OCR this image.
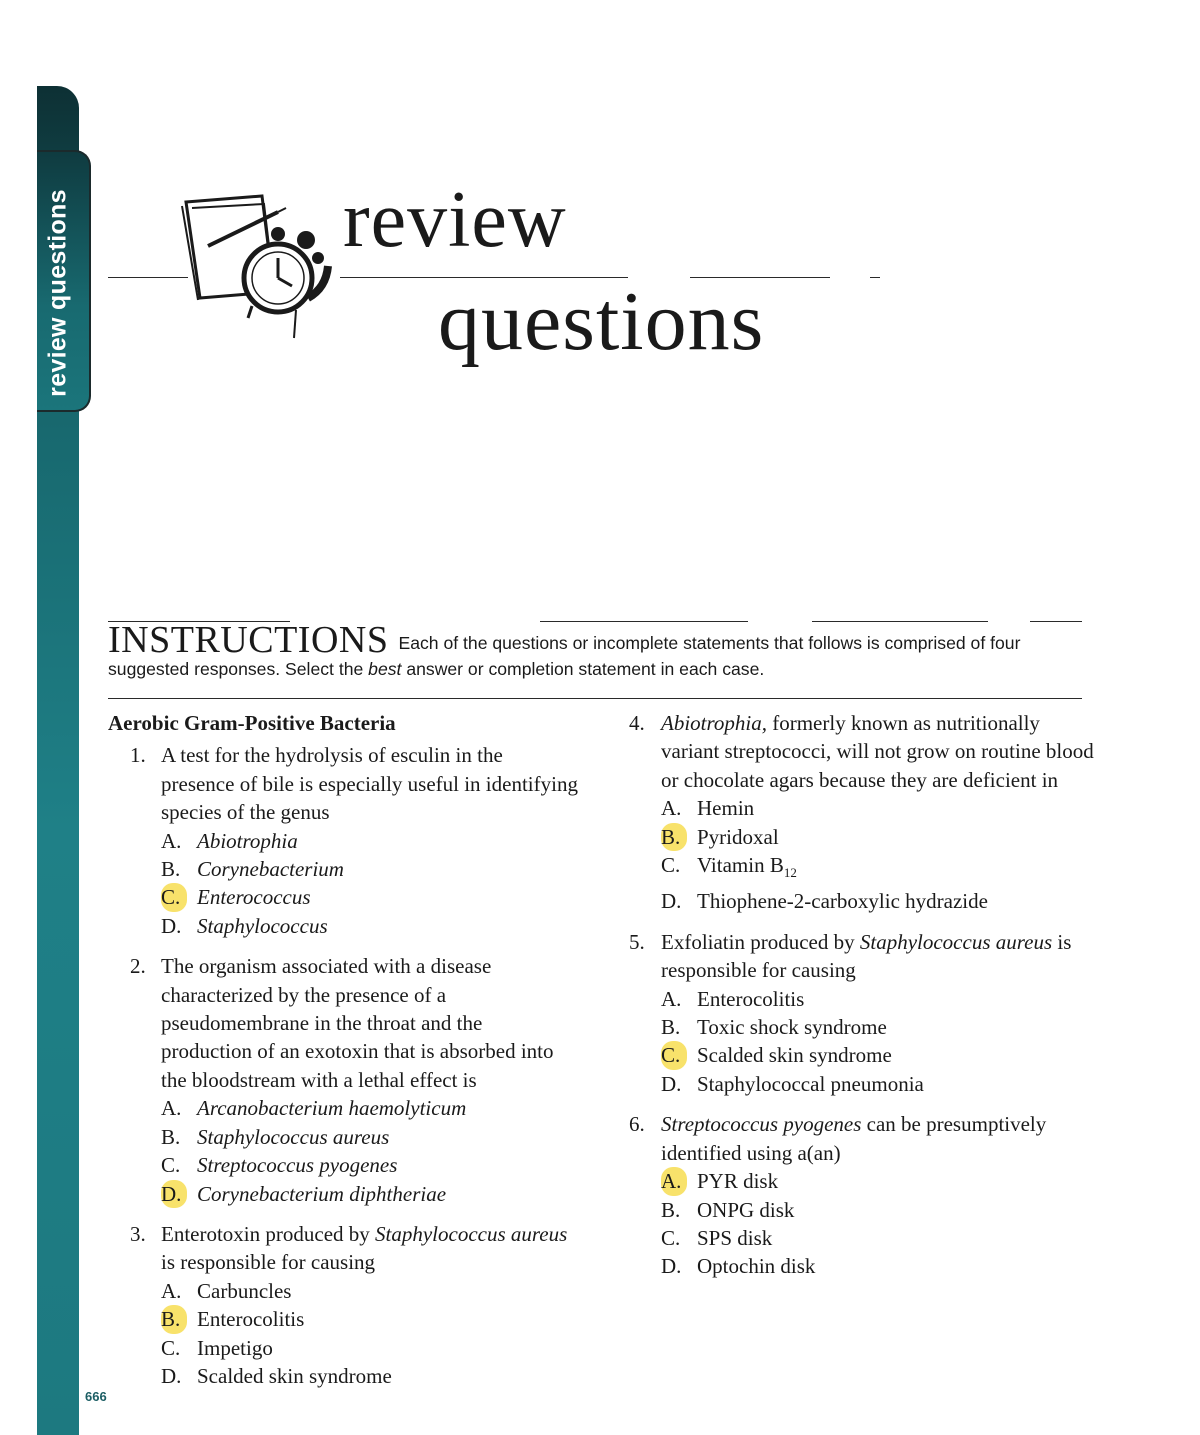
review questions
666
review
questions
INSTRUCTIONS Each of the questions or incomplete statements that follows is comprised of four suggested responses. Select the best answer or completion statement in each case.
Aerobic Gram-Positive Bacteria
1. A test for the hydrolysis of esculin in the presence of bile is especially useful in identifying species of the genus
A. Abiotrophia
B. Corynebacterium
C. Enterococcus
D. Staphylococcus
2. The organism associated with a disease characterized by the presence of a pseudomembrane in the throat and the production of an exotoxin that is absorbed into the bloodstream with a lethal effect is
A. Arcanobacterium haemolyticum
B. Staphylococcus aureus
C. Streptococcus pyogenes
D. Corynebacterium diphtheriae
3. Enterotoxin produced by Staphylococcus aureus is responsible for causing
A. Carbuncles
B. Enterocolitis
C. Impetigo
D. Scalded skin syndrome
4. Abiotrophia, formerly known as nutritionally variant streptococci, will not grow on routine blood or chocolate agars because they are deficient in
A. Hemin
B. Pyridoxal
C. Vitamin $B_{12}$
D. Thiophene-2-carboxylic hydrazide
5. Exfoliatin produced by Staphylococcus aureus is responsible for causing
A. Enterocolitis
B. Toxic shock syndrome
C. Scalded skin syndrome
D. Staphylococcal pneumonia
6. Streptococcus pyogenes can be presumptively identified using a(an)
A. PYR disk
B. ONPG disk
C. SPS disk
D. Optochin disk
